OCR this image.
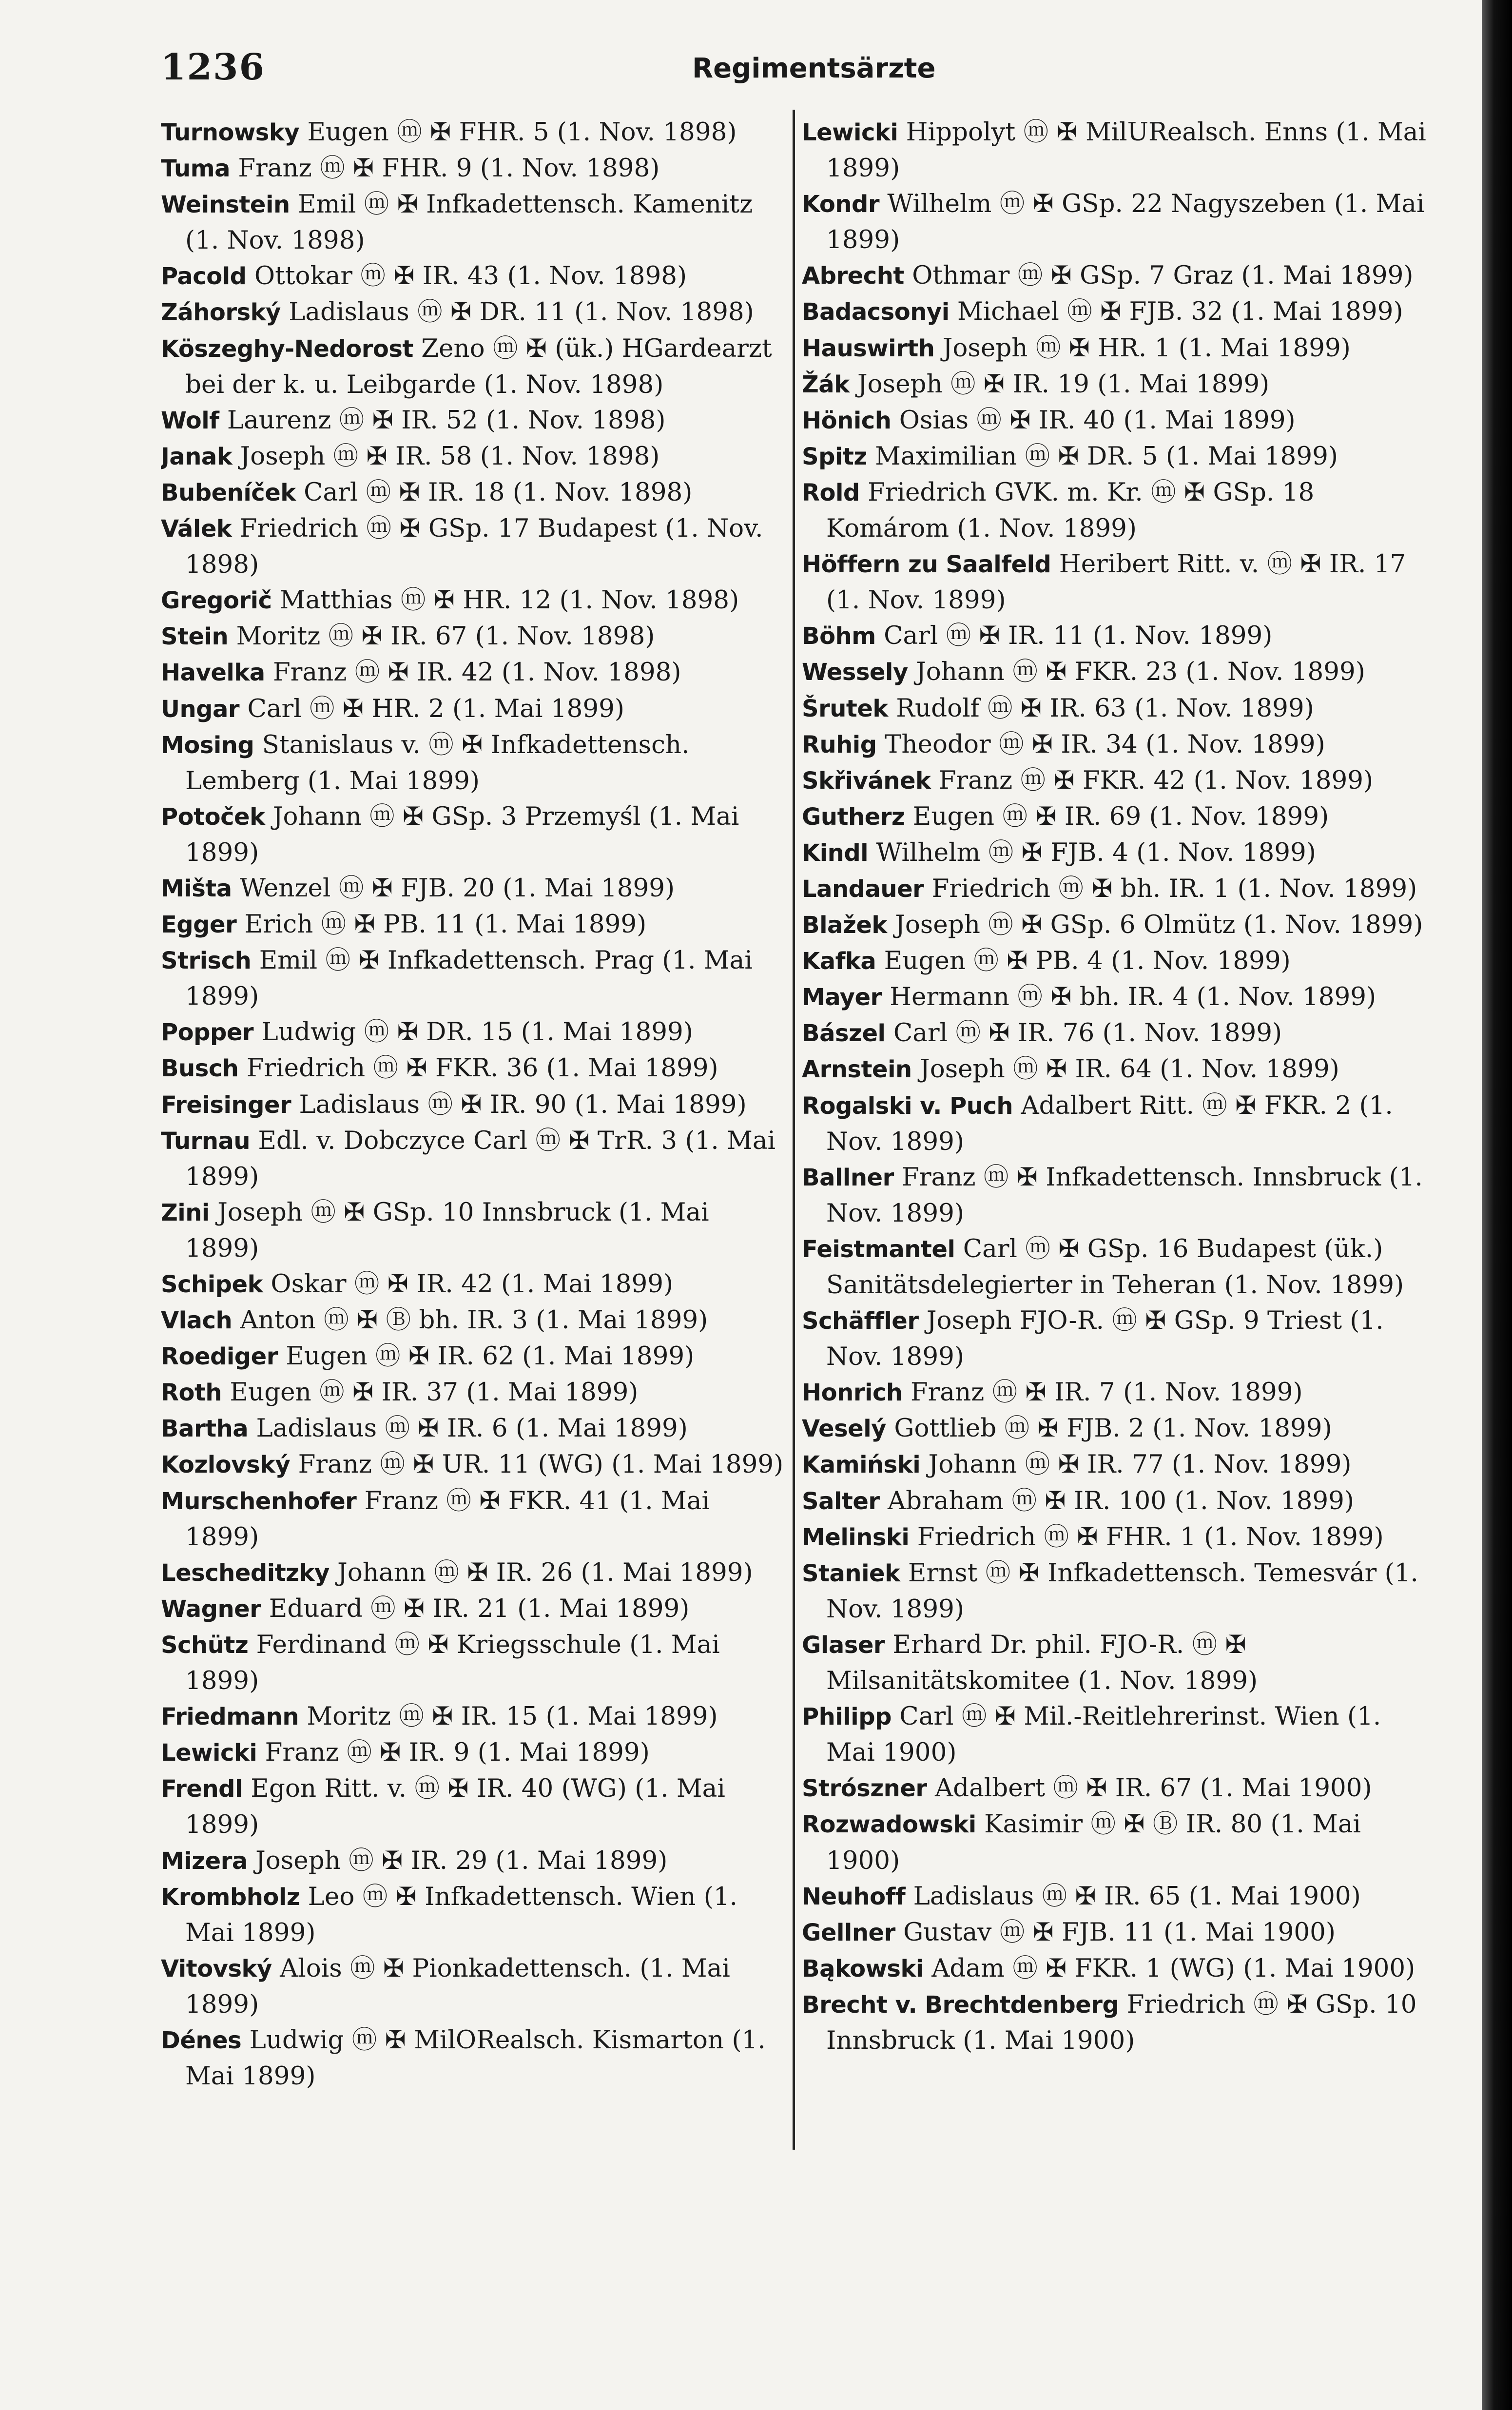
1236	Regimentsärzte

Turnowsky Eugen ⓜ ✠ FHR. 5 (1. Nov. 1898)

Tuma Franz ⓜ ✠ FHR. 9 (1. Nov. 1898)

Weinstein Emil ⓜ ✠ Infkadettensch. Kamenitz (1. Nov. 1898)

Pacold Ottokar ⓜ ✠ IR. 43 (1. Nov. 1898)

Záhorský Ladislaus ⓜ ✠ DR. 11 (1. Nov. 1898)

Köszeghy-Nedorost Zeno ⓜ ✠ (ük.) HGardearzt bei der k. u. Leibgarde (1. Nov. 1898)

Wolf Laurenz ⓜ ✠ IR. 52 (1. Nov. 1898)

Janak Joseph ⓜ ✠ IR. 58 (1. Nov. 1898)

Bubeníček Carl ⓜ ✠ IR. 18 (1. Nov. 1898)

Válek Friedrich ⓜ ✠ GSp. 17 Budapest (1. Nov. 1898)

Gregorič Matthias ⓜ ✠ HR. 12 (1. Nov. 1898)

Stein Moritz ⓜ ✠ IR. 67 (1. Nov. 1898)

Havelka Franz ⓜ ✠ IR. 42 (1. Nov. 1898)

Ungar Carl ⓜ ✠ HR. 2 (1. Mai 1899)

Mosing Stanislaus v. ⓜ ✠ Infkadettensch. Lemberg (1. Mai 1899)

Potoček Johann ⓜ ✠ GSp. 3 Przemyśl (1. Mai 1899)

Mišta Wenzel ⓜ ✠ FJB. 20 (1. Mai 1899)

Egger Erich ⓜ ✠ PB. 11 (1. Mai 1899)

Strisch Emil ⓜ ✠ Infkadettensch. Prag (1. Mai 1899)

Popper Ludwig ⓜ ✠ DR. 15 (1. Mai 1899)

Busch Friedrich ⓜ ✠ FKR. 36 (1. Mai 1899)

Freisinger Ladislaus ⓜ ✠ IR. 90 (1. Mai 1899)

Turnau Edl. v. Dobczyce Carl ⓜ ✠ TrR. 3 (1. Mai 1899)

Zini Joseph ⓜ ✠ GSp. 10 Innsbruck (1. Mai 1899)

Schipek Oskar ⓜ ✠ IR. 42 (1. Mai 1899)

Vlach Anton ⓜ ✠ Ⓑ bh. IR. 3 (1. Mai 1899)

Roediger Eugen ⓜ ✠ IR. 62 (1. Mai 1899)

Roth Eugen ⓜ ✠ IR. 37 (1. Mai 1899)

Bartha Ladislaus ⓜ ✠ IR. 6 (1. Mai 1899)

Kozlovský Franz ⓜ ✠ UR. 11 (WG) (1. Mai 1899)

Murschenhofer Franz ⓜ ✠ FKR. 41 (1. Mai 1899)

Lescheditzky Johann ⓜ ✠ IR. 26 (1. Mai 1899)

Wagner Eduard ⓜ ✠ IR. 21 (1. Mai 1899)

Schütz Ferdinand ⓜ ✠ Kriegsschule (1. Mai 1899)

Friedmann Moritz ⓜ ✠ IR. 15 (1. Mai 1899)

Lewicki Franz ⓜ ✠ IR. 9 (1. Mai 1899)

Frendl Egon Ritt. v. ⓜ ✠ IR. 40 (WG) (1. Mai 1899)

Mizera Joseph ⓜ ✠ IR. 29 (1. Mai 1899)

Krombholz Leo ⓜ ✠ Infkadettensch. Wien (1. Mai 1899)

Vitovský Alois ⓜ ✠ Pionkadettensch. (1. Mai 1899)

Dénes Ludwig ⓜ ✠ MilORealsch. Kismarton (1. Mai 1899)

Lewicki Hippolyt ⓜ ✠ MilURealsch. Enns (1. Mai 1899)

Kondr Wilhelm ⓜ ✠ GSp. 22 Nagyszeben (1. Mai 1899)

Abrecht Othmar ⓜ ✠ GSp. 7 Graz (1. Mai 1899)

Badacsonyi Michael ⓜ ✠ FJB. 32 (1. Mai 1899)

Hauswirth Joseph ⓜ ✠ HR. 1 (1. Mai 1899)

Žák Joseph ⓜ ✠ IR. 19 (1. Mai 1899)

Hönich Osias ⓜ ✠ IR. 40 (1. Mai 1899)

Spitz Maximilian ⓜ ✠ DR. 5 (1. Mai 1899)

Rold Friedrich GVK. m. Kr. ⓜ ✠ GSp. 18 Komárom (1. Nov. 1899)

Höffern zu Saalfeld Heribert Ritt. v. ⓜ ✠ IR. 17 (1. Nov. 1899)

Böhm Carl ⓜ ✠ IR. 11 (1. Nov. 1899)

Wessely Johann ⓜ ✠ FKR. 23 (1. Nov. 1899)

Šrutek Rudolf ⓜ ✠ IR. 63 (1. Nov. 1899)

Ruhig Theodor ⓜ ✠ IR. 34 (1. Nov. 1899)

Skřivánek Franz ⓜ ✠ FKR. 42 (1. Nov. 1899)

Gutherz Eugen ⓜ ✠ IR. 69 (1. Nov. 1899)

Kindl Wilhelm ⓜ ✠ FJB. 4 (1. Nov. 1899)

Landauer Friedrich ⓜ ✠ bh. IR. 1 (1. Nov. 1899)

Blažek Joseph ⓜ ✠ GSp. 6 Olmütz (1. Nov. 1899)

Kafka Eugen ⓜ ✠ PB. 4 (1. Nov. 1899)

Mayer Hermann ⓜ ✠ bh. IR. 4 (1. Nov. 1899)

Bászel Carl ⓜ ✠ IR. 76 (1. Nov. 1899)

Arnstein Joseph ⓜ ✠ IR. 64 (1. Nov. 1899)

Rogalski v. Puch Adalbert Ritt. ⓜ ✠ FKR. 2 (1. Nov. 1899)

Ballner Franz ⓜ ✠ Infkadettensch. Innsbruck (1. Nov. 1899)

Feistmantel Carl ⓜ ✠ GSp. 16 Budapest (ük.) Sanitätsdelegierter in Teheran (1. Nov. 1899)

Schäffler Joseph FJO-R. ⓜ ✠ GSp. 9 Triest (1. Nov. 1899)

Honrich Franz ⓜ ✠ IR. 7 (1. Nov. 1899)

Veselý Gottlieb ⓜ ✠ FJB. 2 (1. Nov. 1899)

Kamiński Johann ⓜ ✠ IR. 77 (1. Nov. 1899)

Salter Abraham ⓜ ✠ IR. 100 (1. Nov. 1899)

Melinski Friedrich ⓜ ✠ FHR. 1 (1. Nov. 1899)

Staniek Ernst ⓜ ✠ Infkadettensch. Temesvár (1. Nov. 1899)

Glaser Erhard Dr. phil. FJO-R. ⓜ ✠ Milsanitätskomitee (1. Nov. 1899)

Philipp Carl ⓜ ✠ Mil.-Reitlehrerinst. Wien (1. Mai 1900)

Strószner Adalbert ⓜ ✠ IR. 67 (1. Mai 1900)

Rozwadowski Kasimir ⓜ ✠ Ⓑ IR. 80 (1. Mai 1900)

Neuhoff Ladislaus ⓜ ✠ IR. 65 (1. Mai 1900)

Gellner Gustav ⓜ ✠ FJB. 11 (1. Mai 1900)

Bąkowski Adam ⓜ ✠ FKR. 1 (WG) (1. Mai 1900)

Brecht v. Brechtdenberg Friedrich ⓜ ✠ GSp. 10 Innsbruck (1. Mai 1900)
